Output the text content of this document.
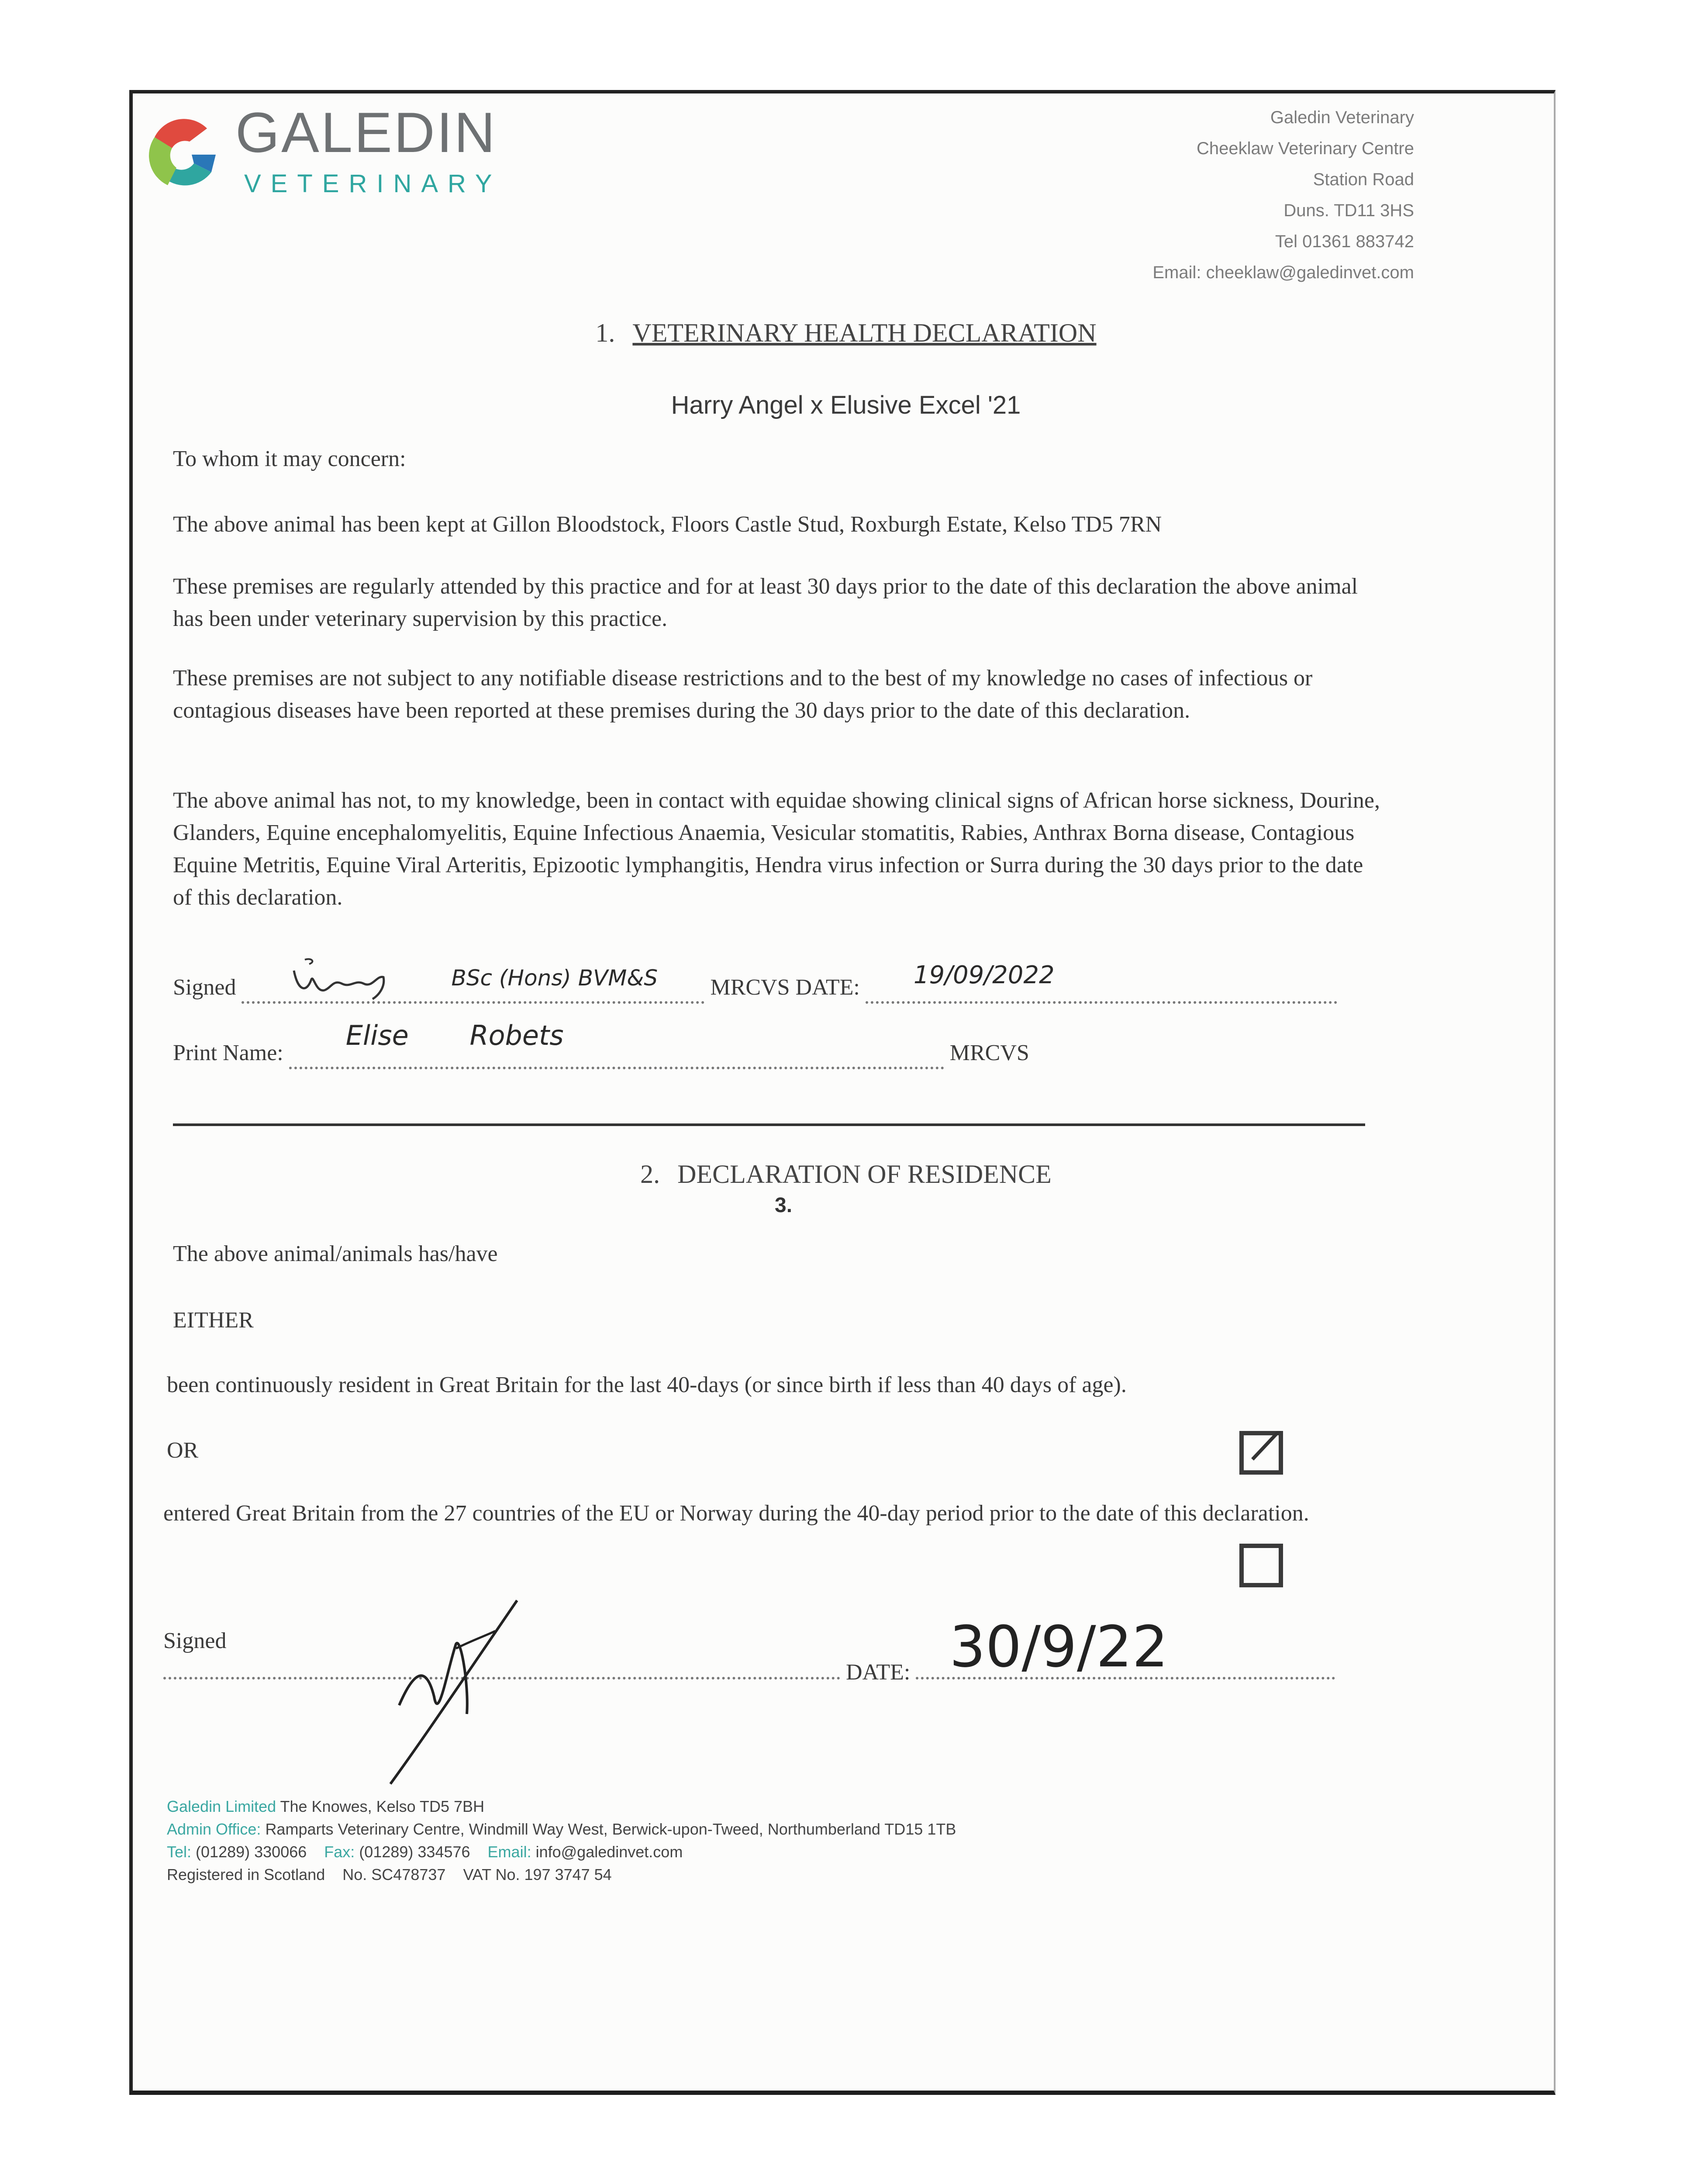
GALEDIN
VETERINARY
Galedin Veterinary
Cheeklaw Veterinary Centre
Station Road
Duns. TD11 3HS
Tel 01361 883742
Email: cheeklaw@galedinvet.com
1. VETERINARY HEALTH DECLARATION
Harry Angel x Elusive Excel '21
To whom it may concern:
The above animal has been kept at Gillon Bloodstock, Floors Castle Stud, Roxburgh Estate, Kelso TD5 7RN
These premises are regularly attended by this practice and for at least 30 days prior to the date of this declaration the above animal has been under veterinary supervision by this practice.
These premises are not subject to any notifiable disease restrictions and to the best of my knowledge no cases of infectious or contagious diseases have been reported at these premises during the 30 days prior to the date of this declaration.
The above animal has not, to my knowledge, been in contact with equidae showing clinical signs of African horse sickness, Dourine, Glanders, Equine encephalomyelitis, Equine Infectious Anaemia, Vesicular stomatitis, Rabies, Anthrax Borna disease, Contagious Equine Metritis, Equine Viral Arteritis, Epizootic lymphangitis, Hendra virus infection or Surra during the 30 days prior to the date of this declaration.
Signed	BSc (Hons) BVM&S MRCVS DATE: 19/09/2022
Print Name:
Elise Robets
MRCVS
2. DECLARATION OF RESIDENCE
3.
The above animal/animals has/have
EITHER
been continuously resident in Great Britain for the last 40-days (or since birth if less than 40 days of age).
OR
entered Great Britain from the 27 countries of the EU or Norway during the 40-day period prior to the date of this declaration.
Signed
DATE: 30/9/22
Galedin Limited The Knowes, Kelso TD5 7BH
Admin Office: Ramparts Veterinary Centre, Windmill Way West, Berwick-upon-Tweed, Northumberland TD15 1TB
Tel: (01289) 330066 Fax: (01289) 334576 Email: info@galedinvet.com
Registered in Scotland No. SC478737 VAT No. 197 3747 54
